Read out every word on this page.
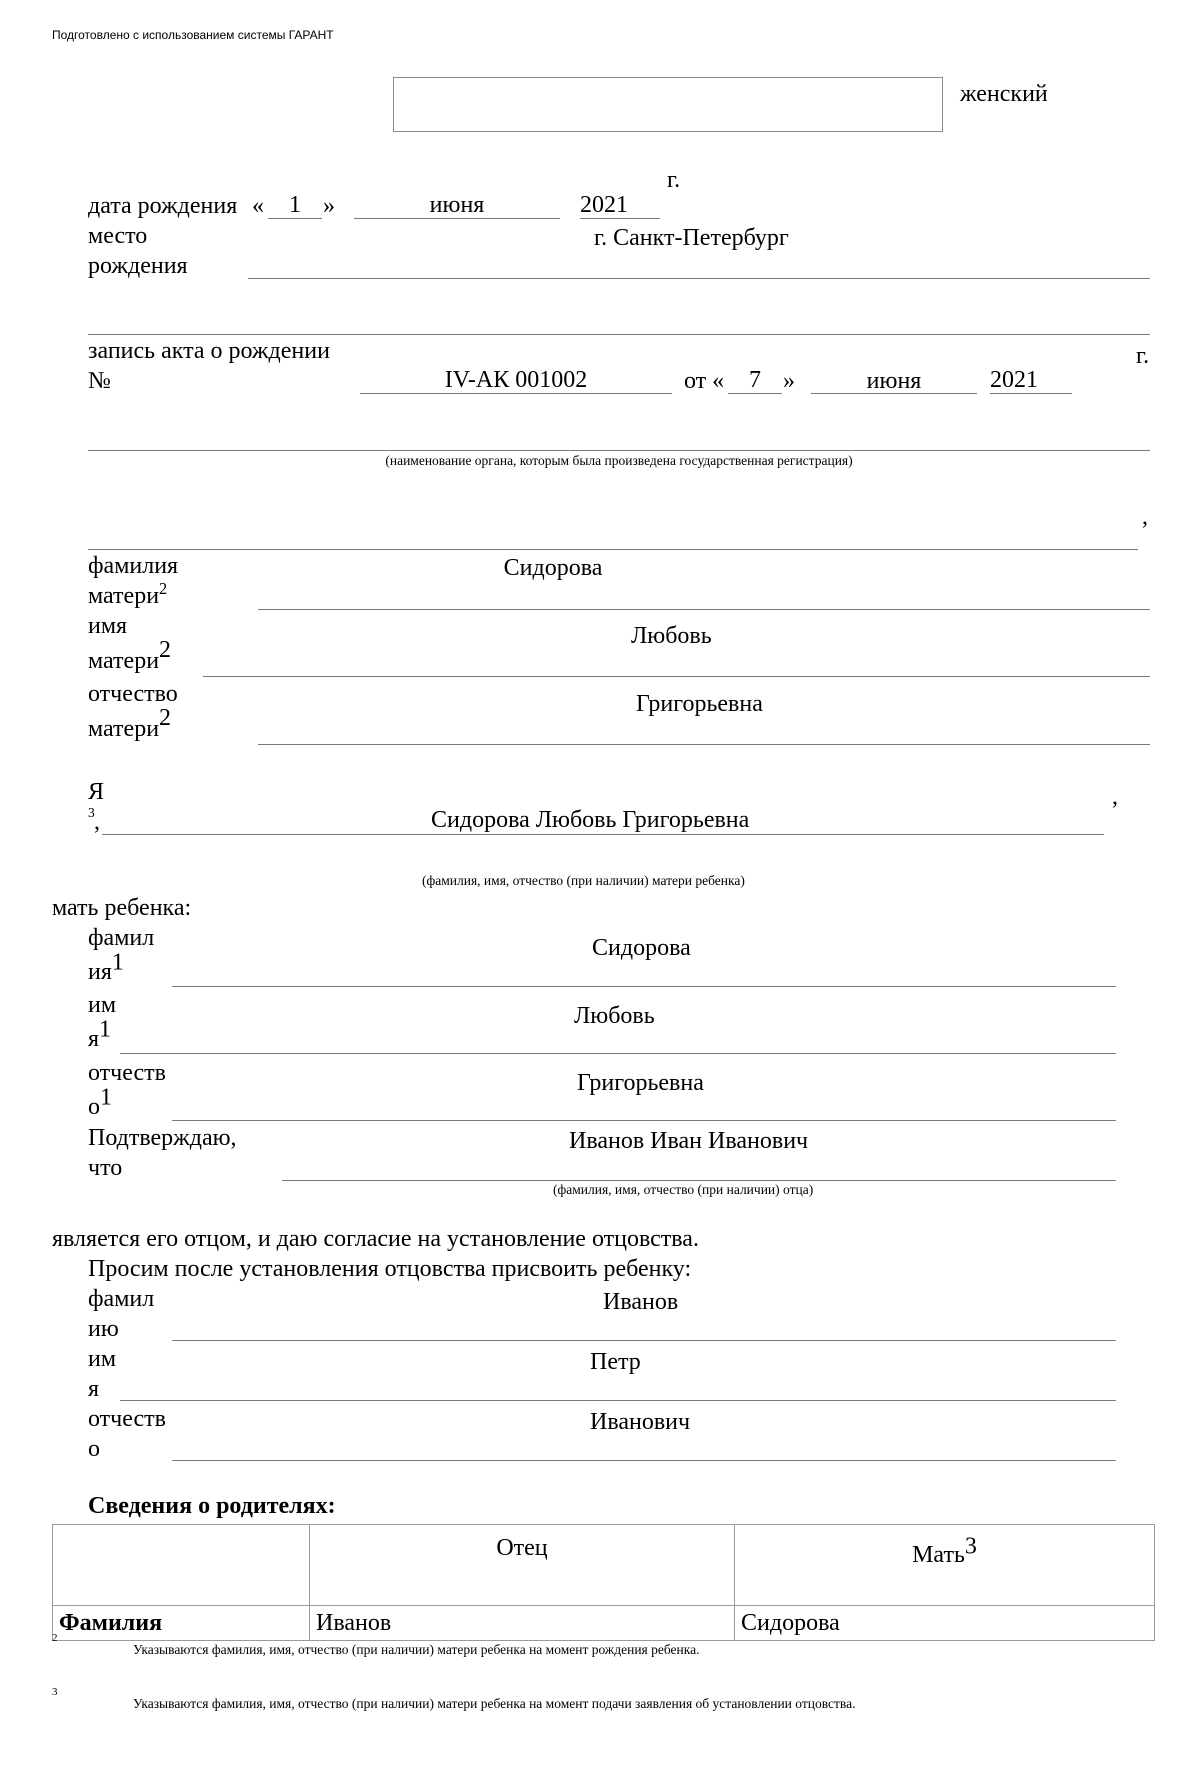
Подготовлено с использованием системы ГАРАНТ
женский
дата рождения «	1 »	июня	2021
г.
место
рождения
г. Санкт-Петербург
запись акта о рождении
№	IV-АК 001002	от «	7 »	июня	2021
г.
(наименование органа, которым была произведена государственная регистрация)
,
фамилия
матери$^2$
Сидорова
имя
матери$^2$
Любовь
отчество
матери$^2$
Григорьевна
Я
3 ,	Сидорова Любовь Григорьевна
,
(фамилия, имя, отчество (при наличии) матери ребенка)
мать ребенка:
фамил
$ия^1$
Сидорова
им
$я^1$
Любовь
отчеств
$о^1$
Григорьевна
Подтверждаю,
что
Иванов Иван Иванович
(фамилия, имя, отчество (при наличии) отца)
является его отцом, и даю согласие на установление отцовства.
Просим после установления отцовства присвоить ребенку:
фамил
ию
Иванов
им
я
Петр
отчеств
о
Иванович
Сведения о родителях:
	Отец	Мать$^3$
Фамилия	Иванов	Сидорова
2
Указываются фамилия, имя, отчество (при наличии) матери ребенка на момент рождения ребенка.
3
Указываются фамилия, имя, отчество (при наличии) матери ребенка на момент подачи заявления об установлении отцовства.
